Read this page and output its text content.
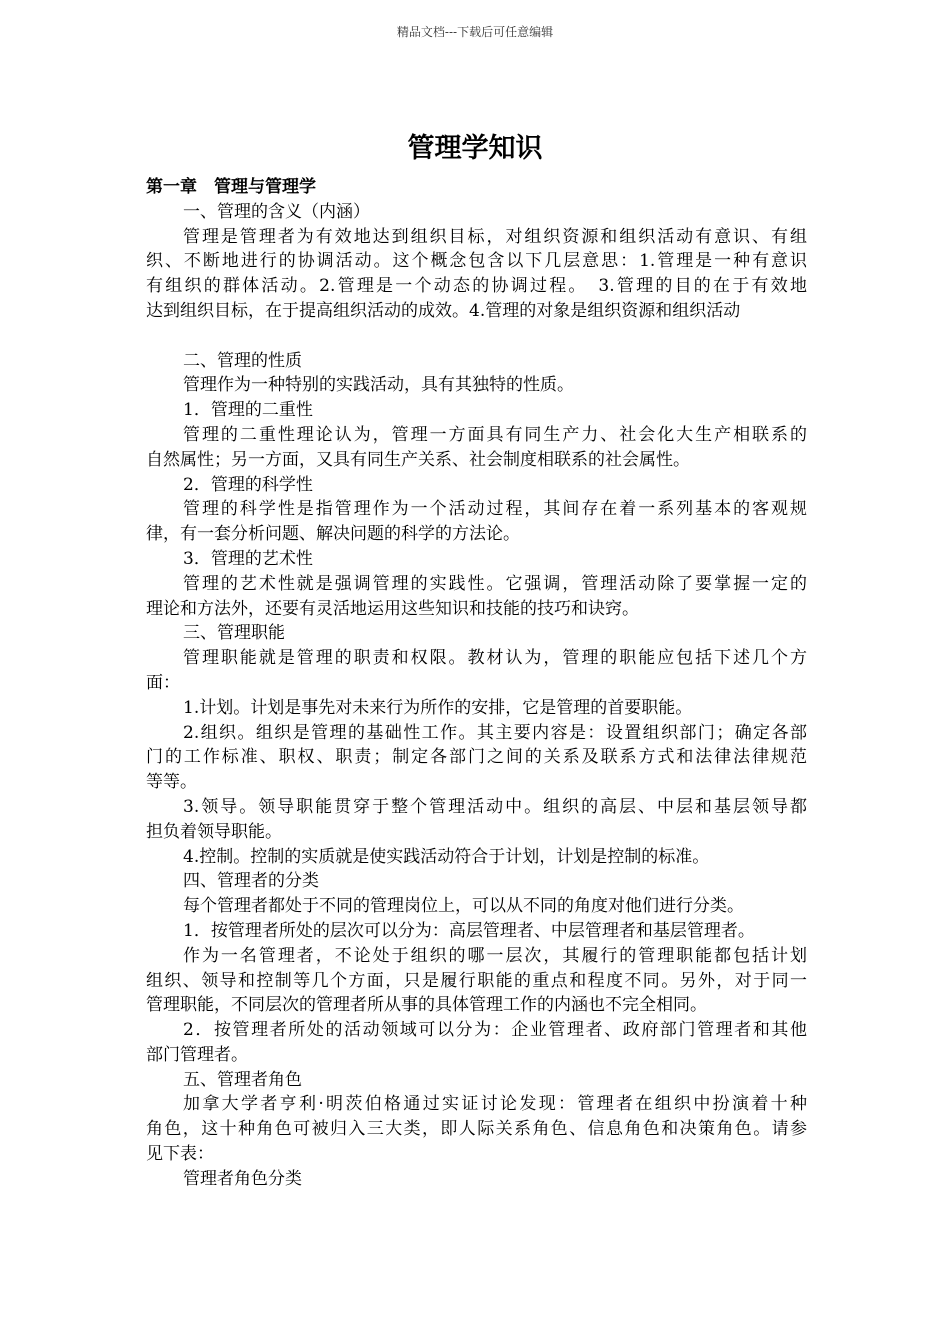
精品文档---下载后可任意编辑
管理学知识
第一章　管理与管理学
一、管理的含义（内涵）
管理是管理者为有效地达到组织目标，对组织资源和组织活动有意识、有组
织、不断地进行的协调活动。这个概念包含以下几层意思：1.管理是一种有意识
有组织的群体活动。2.管理是一个动态的协调过程。　3.管理的目的在于有效地
达到组织目标，在于提高组织活动的成效。4.管理的对象是组织资源和组织活动
二、管理的性质
管理作为一种特别的实践活动，具有其独特的性质。
1．管理的二重性
管理的二重性理论认为，管理一方面具有同生产力、社会化大生产相联系的
自然属性；另一方面，又具有同生产关系、社会制度相联系的社会属性。
2．管理的科学性
管理的科学性是指管理作为一个活动过程，其间存在着一系列基本的客观规
律，有一套分析问题、解决问题的科学的方法论。
3．管理的艺术性
管理的艺术性就是强调管理的实践性。它强调，管理活动除了要掌握一定的
理论和方法外，还要有灵活地运用这些知识和技能的技巧和诀窍。
三、管理职能
管理职能就是管理的职责和权限。教材认为，管理的职能应包括下述几个方
面：
1.计划。计划是事先对未来行为所作的安排，它是管理的首要职能。
2.组织。组织是管理的基础性工作。其主要内容是：设置组织部门；确定各部
门的工作标准、职权、职责；制定各部门之间的关系及联系方式和法律法律规范
等等。
3.领导。领导职能贯穿于整个管理活动中。组织的高层、中层和基层领导都
担负着领导职能。
4.控制。控制的实质就是使实践活动符合于计划，计划是控制的标准。
四、管理者的分类
每个管理者都处于不同的管理岗位上，可以从不同的角度对他们进行分类。
1．按管理者所处的层次可以分为：高层管理者、中层管理者和基层管理者。
作为一名管理者，不论处于组织的哪一层次，其履行的管理职能都包括计划
组织、领导和控制等几个方面，只是履行职能的重点和程度不同。另外，对于同一
管理职能，不同层次的管理者所从事的具体管理工作的内涵也不完全相同。
2．按管理者所处的活动领域可以分为：企业管理者、政府部门管理者和其他
部门管理者。
五、管理者角色
加拿大学者亨利·明茨伯格通过实证讨论发现：管理者在组织中扮演着十种
角色，这十种角色可被归入三大类，即人际关系角色、信息角色和决策角色。请参
见下表：
管理者角色分类
